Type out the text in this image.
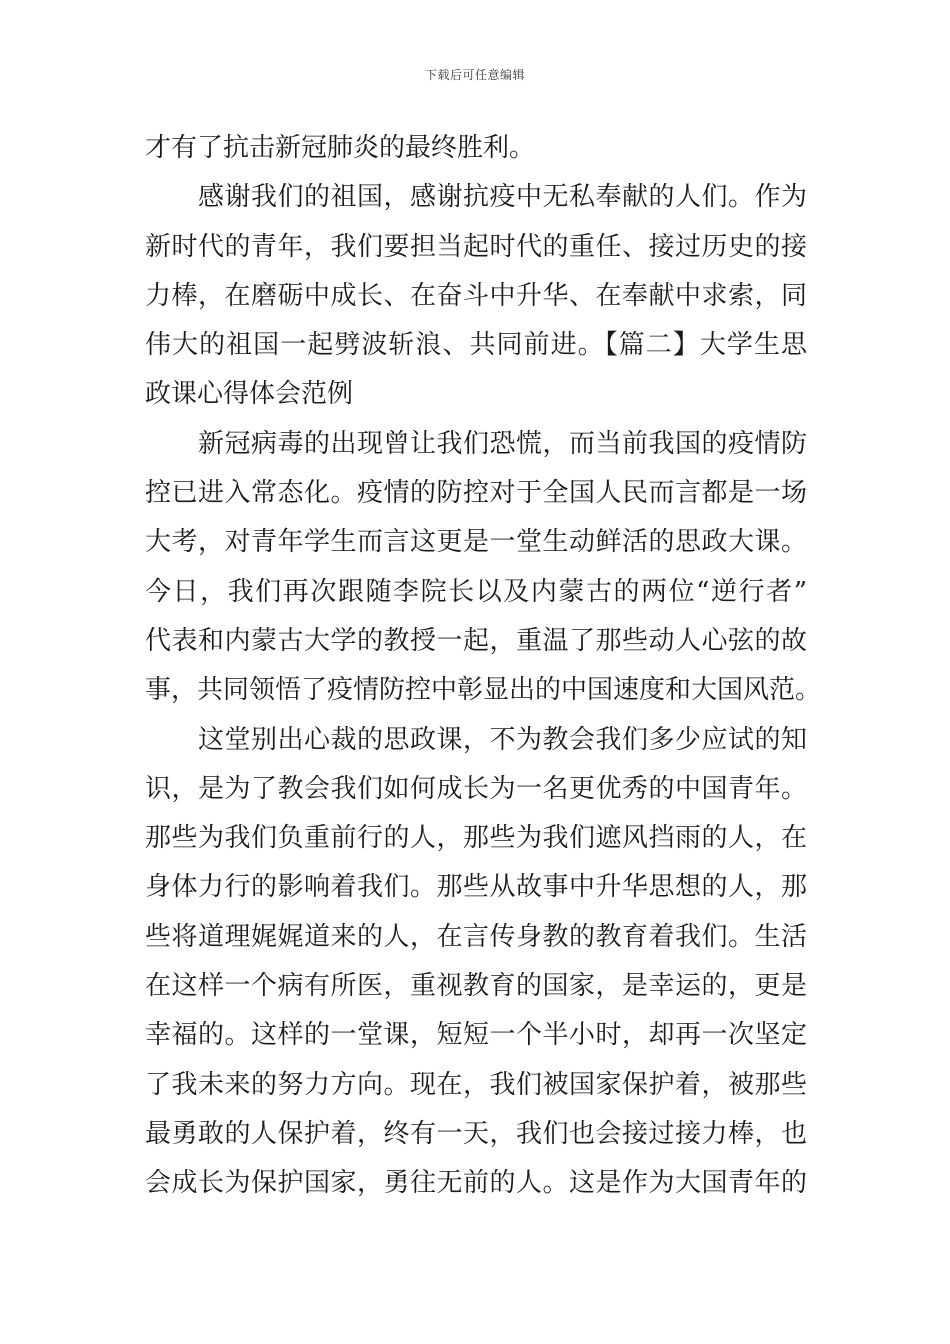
下载后可任意编辑
才有了抗击新冠肺炎的最终胜利。
　　感谢我们的祖国，感谢抗疫中无私奉献的人们。作为
新时代的青年，我们要担当起时代的重任、接过历史的接
力棒，在磨砺中成长、在奋斗中升华、在奉献中求索，同
伟大的祖国一起劈波斩浪、共同前进。【篇二】大学生思
政课心得体会范例
　　新冠病毒的出现曾让我们恐慌，而当前我国的疫情防
控已进入常态化。疫情的防控对于全国人民而言都是一场
大考，对青年学生而言这更是一堂生动鲜活的思政大课。
今日，我们再次跟随李院长以及内蒙古的两位“逆行者”
代表和内蒙古大学的教授一起，重温了那些动人心弦的故
事，共同领悟了疫情防控中彰显出的中国速度和大国风范。
　　这堂别出心裁的思政课，不为教会我们多少应试的知
识，是为了教会我们如何成长为一名更优秀的中国青年。
那些为我们负重前行的人，那些为我们遮风挡雨的人，在
身体力行的影响着我们。那些从故事中升华思想的人，那
些将道理娓娓道来的人，在言传身教的教育着我们。生活
在这样一个病有所医，重视教育的国家，是幸运的，更是
幸福的。这样的一堂课，短短一个半小时，却再一次坚定
了我未来的努力方向。现在，我们被国家保护着，被那些
最勇敢的人保护着，终有一天，我们也会接过接力棒，也
会成长为保护国家，勇往无前的人。这是作为大国青年的
